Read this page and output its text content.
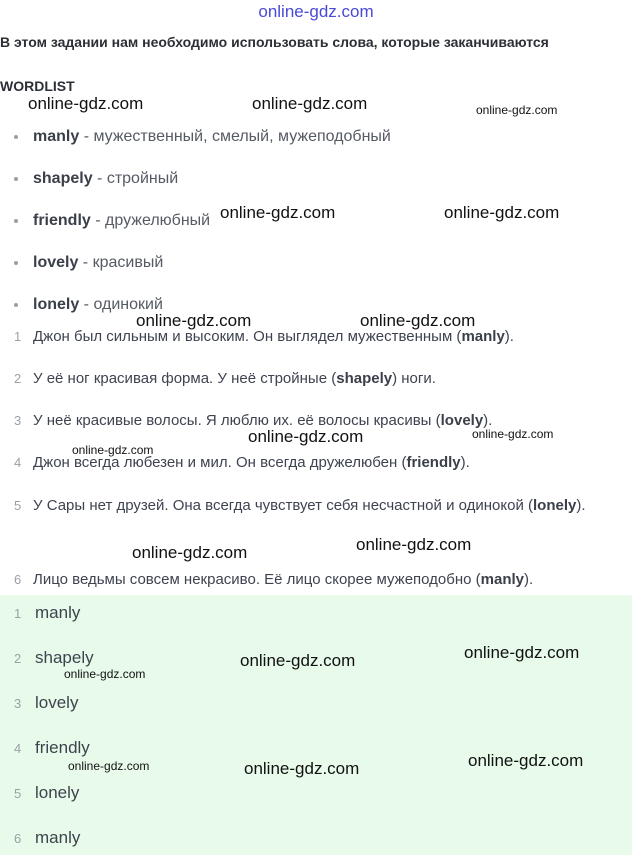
online-gdz.com
В этом задании нам необходимо использовать слова, которые заканчиваются
WORDLIST
manly - мужественный, смелый, мужеподобный
shapely - стройный
friendly - дружелюбный
lovely - красивый
lonely - одинокий
1 Джон был сильным и высоким. Он выглядел мужественным (manly).
2 У её ног красивая форма. У неё стройные (shapely) ноги.
3 У неё красивые волосы. Я люблю их. её волосы красивы (lovely).
4 Джон всегда любезен и мил. Он всегда дружелюбен (friendly).
5 У Сары нет друзей. Она всегда чувствует себя несчастной и одинокой (lonely).
6 Лицо ведьмы совсем некрасиво. Её лицо скорее мужеподобно (manly).
1 manly
2 shapely
3 lovely
4 friendly
5 lonely
6 manly
online-gdz.com	online-gdz.com	online-gdz.com
online-gdz.com	online-gdz.com
online-gdz.com	online-gdz.com
online-gdz.com
online-gdz.com	online-gdz.com
online-gdz.com	online-gdz.com
online-gdz.com	online-gdz.com
online-gdz.com
online-gdz.com	online-gdz.com	online-gdz.com
